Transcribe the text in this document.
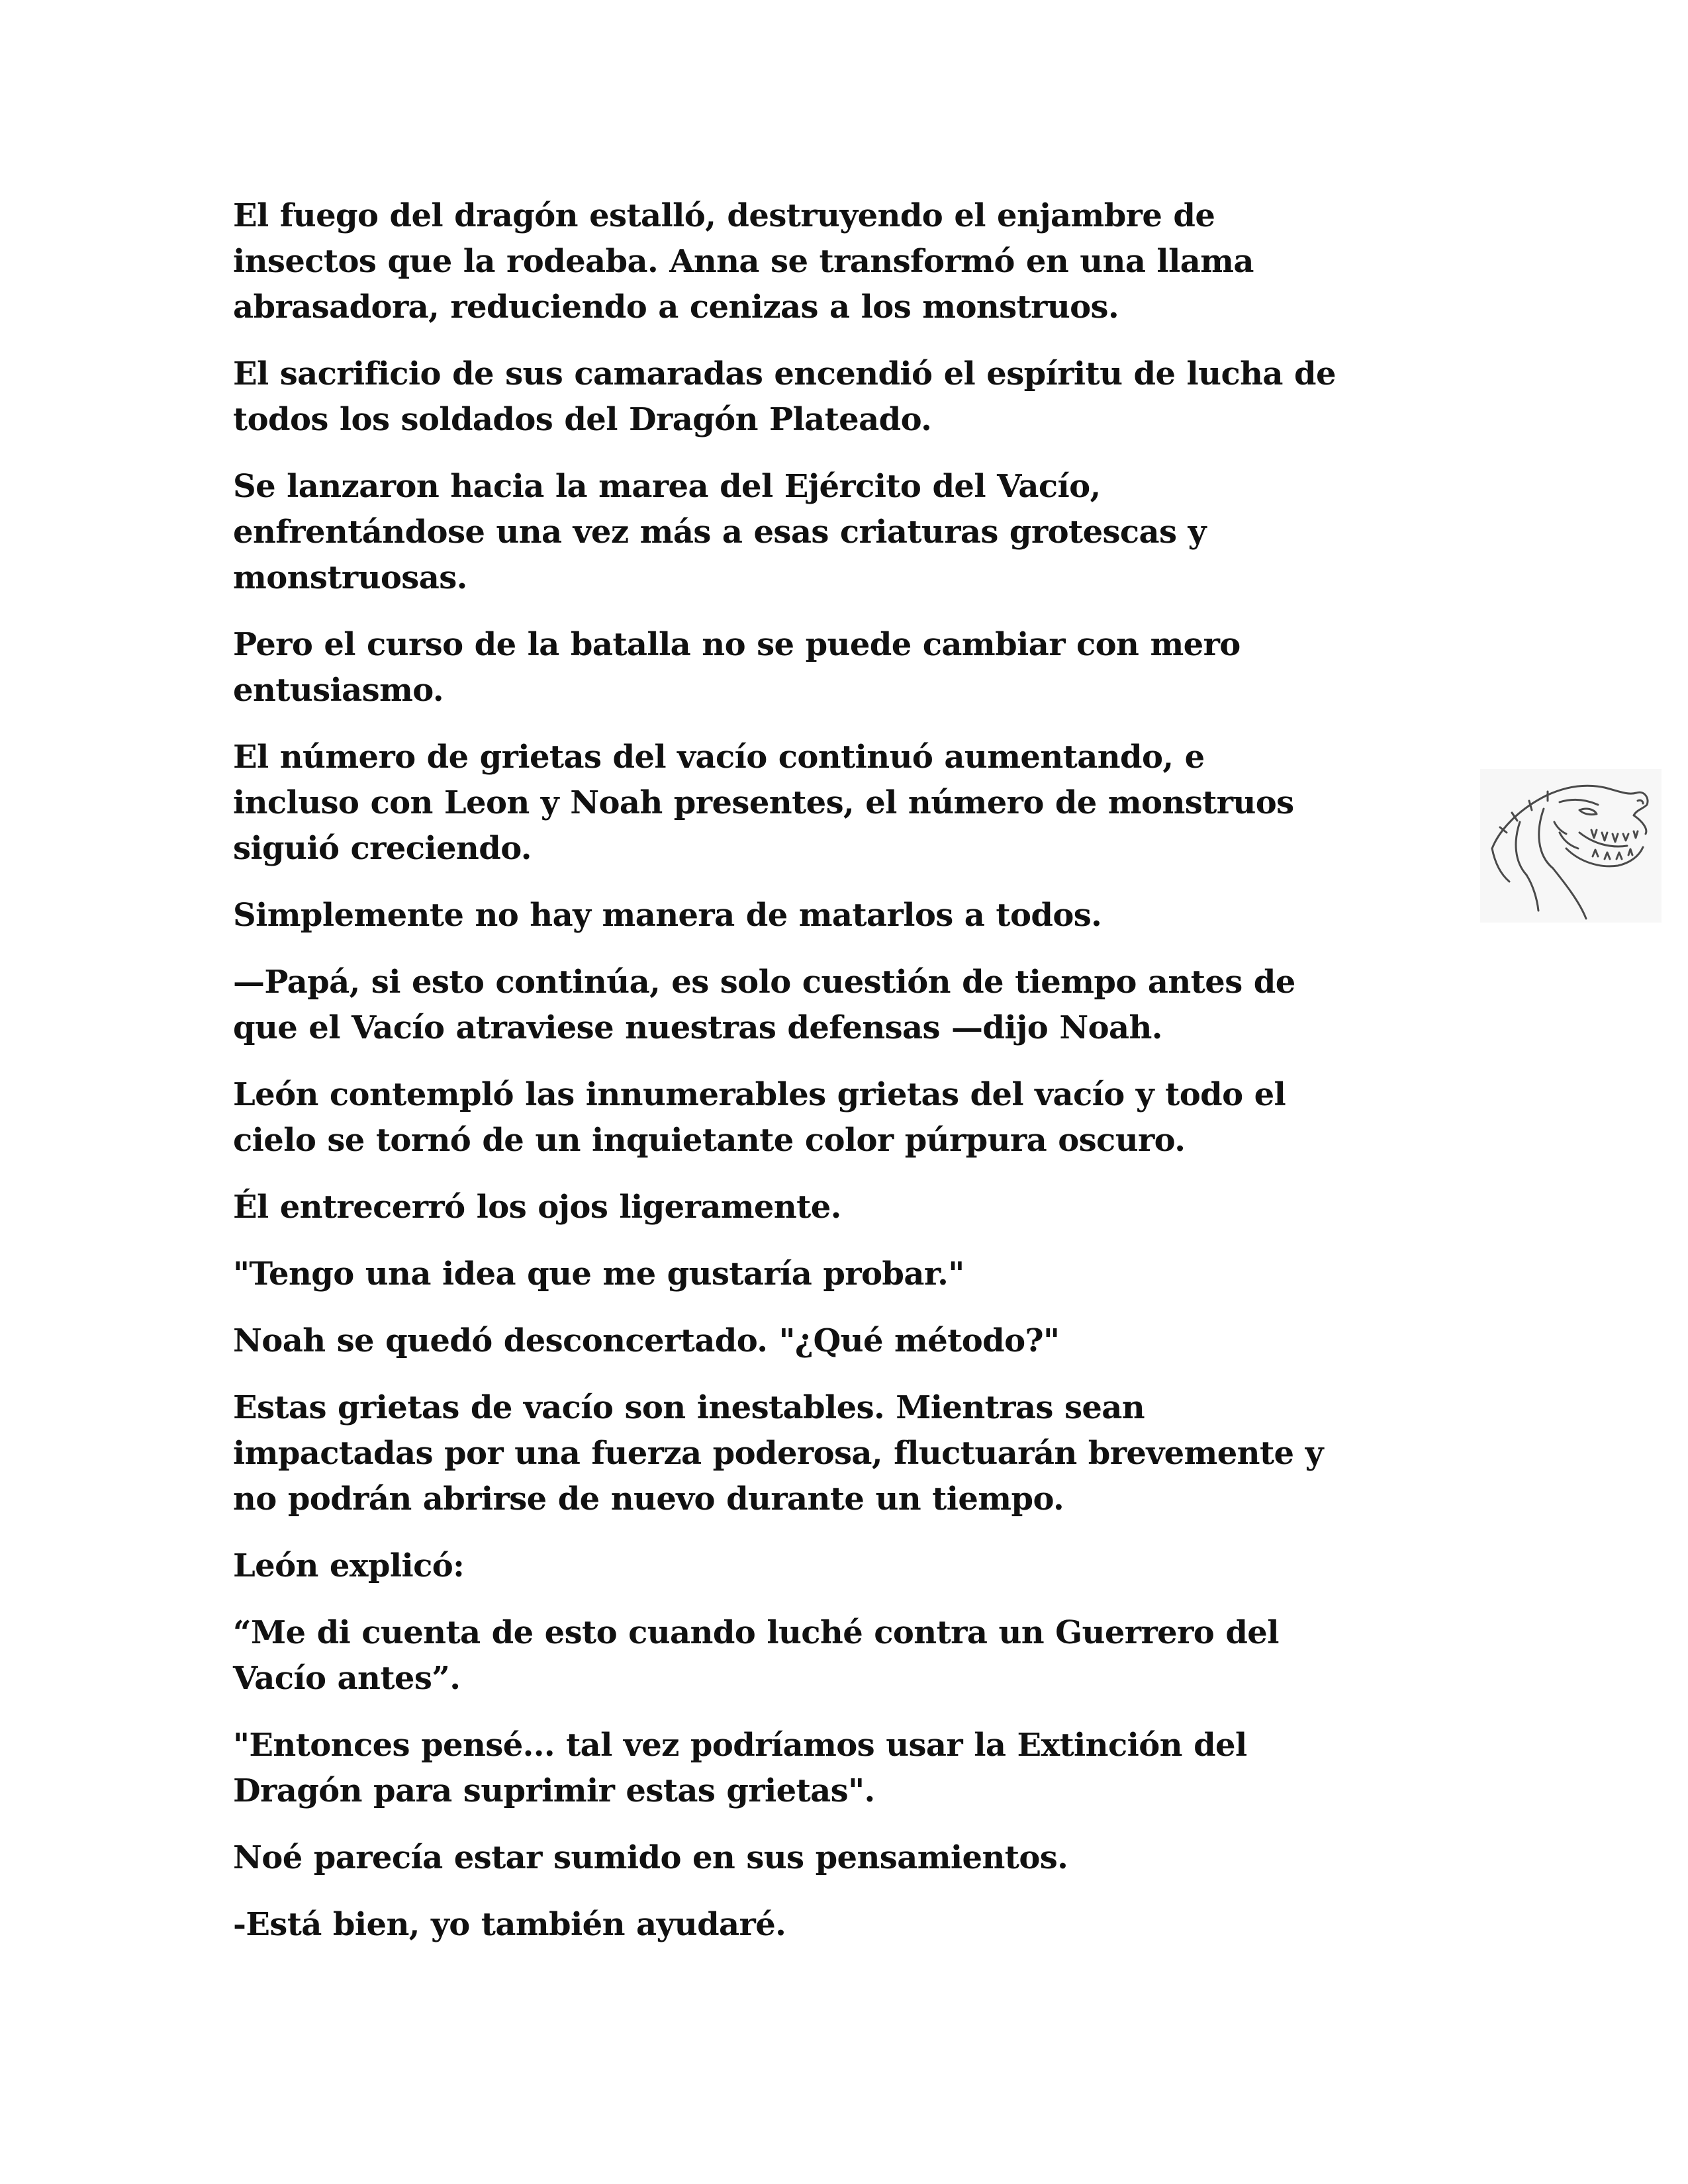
El fuego del dragón estalló, destruyendo el enjambre de
insectos que la rodeaba. Anna se transformó en una llama
abrasadora, reduciendo a cenizas a los monstruos.

El sacrificio de sus camaradas encendió el espíritu de lucha de
todos los soldados del Dragón Plateado.

Se lanzaron hacia la marea del Ejército del Vacío,
enfrentándose una vez más a esas criaturas grotescas y
monstruosas.

Pero el curso de la batalla no se puede cambiar con mero
entusiasmo.

El número de grietas del vacío continuó aumentando, e
incluso con Leon y Noah presentes, el número de monstruos
siguió creciendo.

Simplemente no hay manera de matarlos a todos.

—Papá, si esto continúa, es solo cuestión de tiempo antes de
que el Vacío atraviese nuestras defensas —dijo Noah.

León contempló las innumerables grietas del vacío y todo el
cielo se tornó de un inquietante color púrpura oscuro.

Él entrecerró los ojos ligeramente.

"Tengo una idea que me gustaría probar."

Noah se quedó desconcertado. "¿Qué método?"

Estas grietas de vacío son inestables. Mientras sean
impactadas por una fuerza poderosa, fluctuarán brevemente y
no podrán abrirse de nuevo durante un tiempo.

León explicó:

“Me di cuenta de esto cuando luché contra un Guerrero del
Vacío antes”.

"Entonces pensé... tal vez podríamos usar la Extinción del
Dragón para suprimir estas grietas".

Noé parecía estar sumido en sus pensamientos.

-Está bien, yo también ayudaré.
